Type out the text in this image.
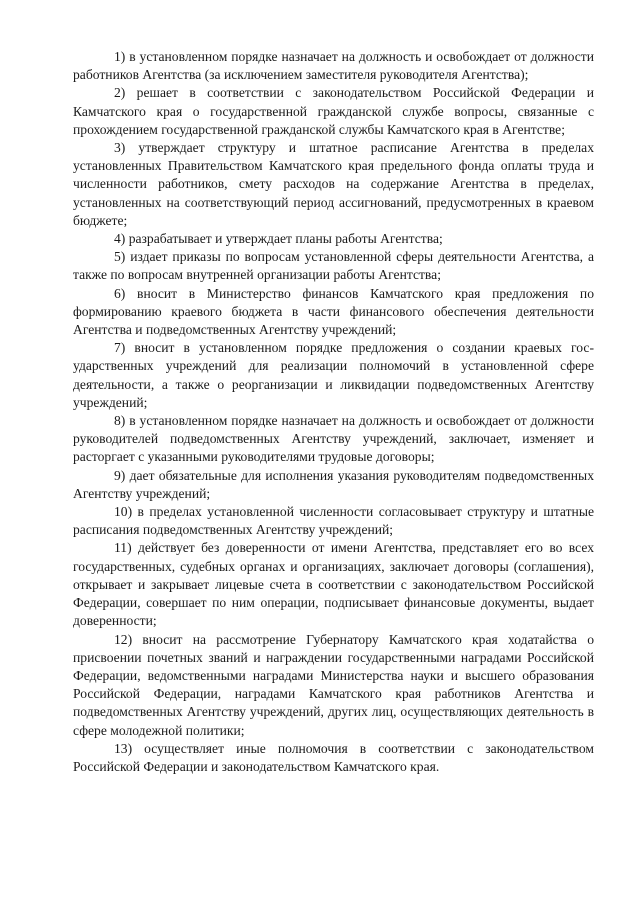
1) в установленном порядке назначает на должность и освобождает от должности работников Агентства (за исключением заместителя руководителя Агентства);

2) решает в соответствии с законодательством Российской Федерации и Камчатского края о государственной гражданской службе вопросы, связанные с прохождением государственной гражданской службы Камчатского края в Агентстве;

3) утверждает структуру и штатное расписание Агентства в пределах установленных Правительством Камчатского края предельного фонда оплаты труда и численности работников, смету расходов на содержание Агентства в пределах, установленных на соответствующий период ассигнований, предусмотренных в краевом бюджете;

4) разрабатывает и утверждает планы работы Агентства;

5) издает приказы по вопросам установленной сферы деятельности Агентства, а также по вопросам внутренней организации работы Агентства;

6) вносит в Министерство финансов Камчатского края предложения по формированию краевого бюджета в части финансового обеспечения деятельности Агентства и подведомственных Агентству учреждений;

7) вносит в установленном порядке предложения о создании краевых государственных учреждений для реализации полномочий в установленной сфере деятельности, а также о реорганизации и ликвидации подведомственных Агентству учреждений;

8) в установленном порядке назначает на должность и освобождает от должности руководителей подведомственных Агентству учреждений, заключает, изменяет и расторгает с указанными руководителями трудовые договоры;

9) дает обязательные для исполнения указания руководителям подведомственных Агентству учреждений;

10) в пределах установленной численности согласовывает структуру и штатные расписания подведомственных Агентству учреждений;

11) действует без доверенности от имени Агентства, представляет его во всех государственных, судебных органах и организациях, заключает договоры (соглашения), открывает и закрывает лицевые счета в соответствии с законодательством Российской Федерации, совершает по ним операции, подписывает финансовые документы, выдает доверенности;

12) вносит на рассмотрение Губернатору Камчатского края ходатайства о присвоении почетных званий и награждении государственными наградами Российской Федерации, ведомственными наградами Министерства науки и высшего образования Российской Федерации, наградами Камчатского края работников Агентства и подведомственных Агентству учреждений, других лиц, осуществляющих деятельность в сфере молодежной политики;

13) осуществляет иные полномочия в соответствии с законодательством Российской Федерации и законодательством Камчатского края.
